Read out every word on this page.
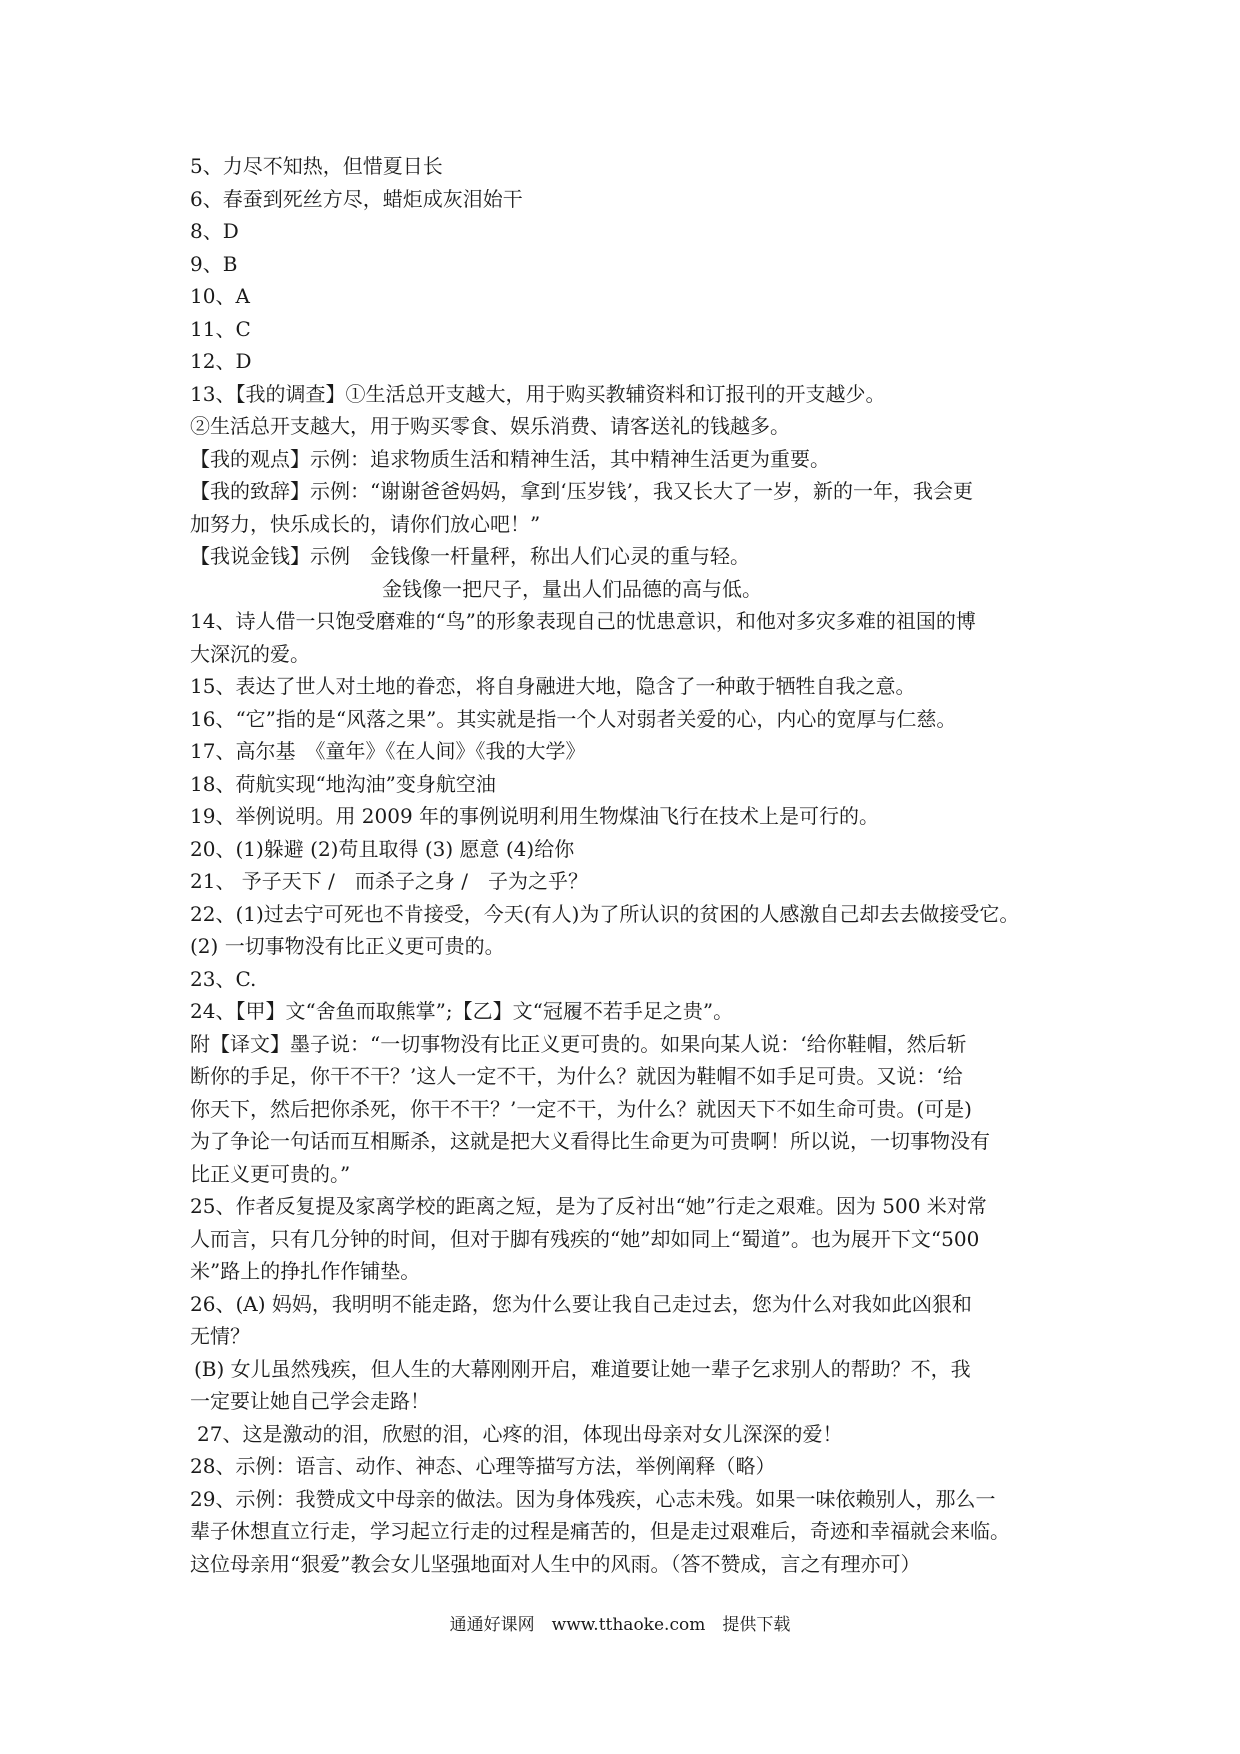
5、力尽不知热，但惜夏日长
6、春蚕到死丝方尽，蜡炬成灰泪始干
8、D
9、B
10、A
11、C
12、D
13、【我的调查】①生活总开支越大，用于购买教辅资料和订报刊的开支越少。
②生活总开支越大，用于购买零食、娱乐消费、请客送礼的钱越多。
【我的观点】示例：追求物质生活和精神生活，其中精神生活更为重要。
【我的致辞】示例：“谢谢爸爸妈妈，拿到‘压岁钱’，我又长大了一岁，新的一年，我会更
加努力，快乐成长的，请你们放心吧！”
【我说金钱】示例　金钱像一杆量秤，称出人们心灵的重与轻。
金钱像一把尺子，量出人们品德的高与低。
14、诗人借一只饱受磨难的“鸟”的形象表现自己的忧患意识，和他对多灾多难的祖国的博
大深沉的爱。
15、表达了世人对土地的眷恋，将自身融进大地，隐含了一种敢于牺牲自我之意。
16、“它”指的是“风落之果”。其实就是指一个人对弱者关爱的心，内心的宽厚与仁慈。
17、高尔基　《童年》《在人间》《我的大学》
18、荷航实现“地沟油”变身航空油
19、举例说明。用 2009 年的事例说明利用生物煤油飞行在技术上是可行的。
20、(1)躲避 (2)苟且取得 (3) 愿意 (4)给你
21、 予子天下 /　而杀子之身 /　子为之乎？
22、(1)过去宁可死也不肯接受，今天(有人)为了所认识的贫困的人感激自己却去去做接受它。
(2) 一切事物没有比正义更可贵的。
23、C.
24、【甲】文“舍鱼而取熊掌”;【乙】文“冠履不若手足之贵”。
附【译文】墨子说：“一切事物没有比正义更可贵的。如果向某人说：‘给你鞋帽，然后斩
断你的手足，你干不干？’这人一定不干，为什么？就因为鞋帽不如手足可贵。又说：‘给
你天下，然后把你杀死，你干不干？’一定不干，为什么？就因天下不如生命可贵。(可是)
为了争论一句话而互相厮杀，这就是把大义看得比生命更为可贵啊！所以说，一切事物没有
比正义更可贵的。”
25、作者反复提及家离学校的距离之短，是为了反衬出“她”行走之艰难。因为 500 米对常
人而言，只有几分钟的时间，但对于脚有残疾的“她”却如同上“蜀道”。也为展开下文“500
米”路上的挣扎作作铺垫。
26、(A) 妈妈，我明明不能走路，您为什么要让我自己走过去，您为什么对我如此凶狠和
无情？
(B) 女儿虽然残疾，但人生的大幕刚刚开启，难道要让她一辈子乞求别人的帮助？不，我
一定要让她自己学会走路！
27、这是激动的泪，欣慰的泪，心疼的泪，体现出母亲对女儿深深的爱！
28、示例：语言、动作、神态、心理等描写方法，举例阐释（略）
29、示例：我赞成文中母亲的做法。因为身体残疾，心志未残。如果一味依赖别人，那么一
辈子休想直立行走，学习起立行走的过程是痛苦的，但是走过艰难后，奇迹和幸福就会来临。
这位母亲用“狠爱”教会女儿坚强地面对人生中的风雨。（答不赞成，言之有理亦可）
通通好课网　www.tthaoke.com　提供下载
